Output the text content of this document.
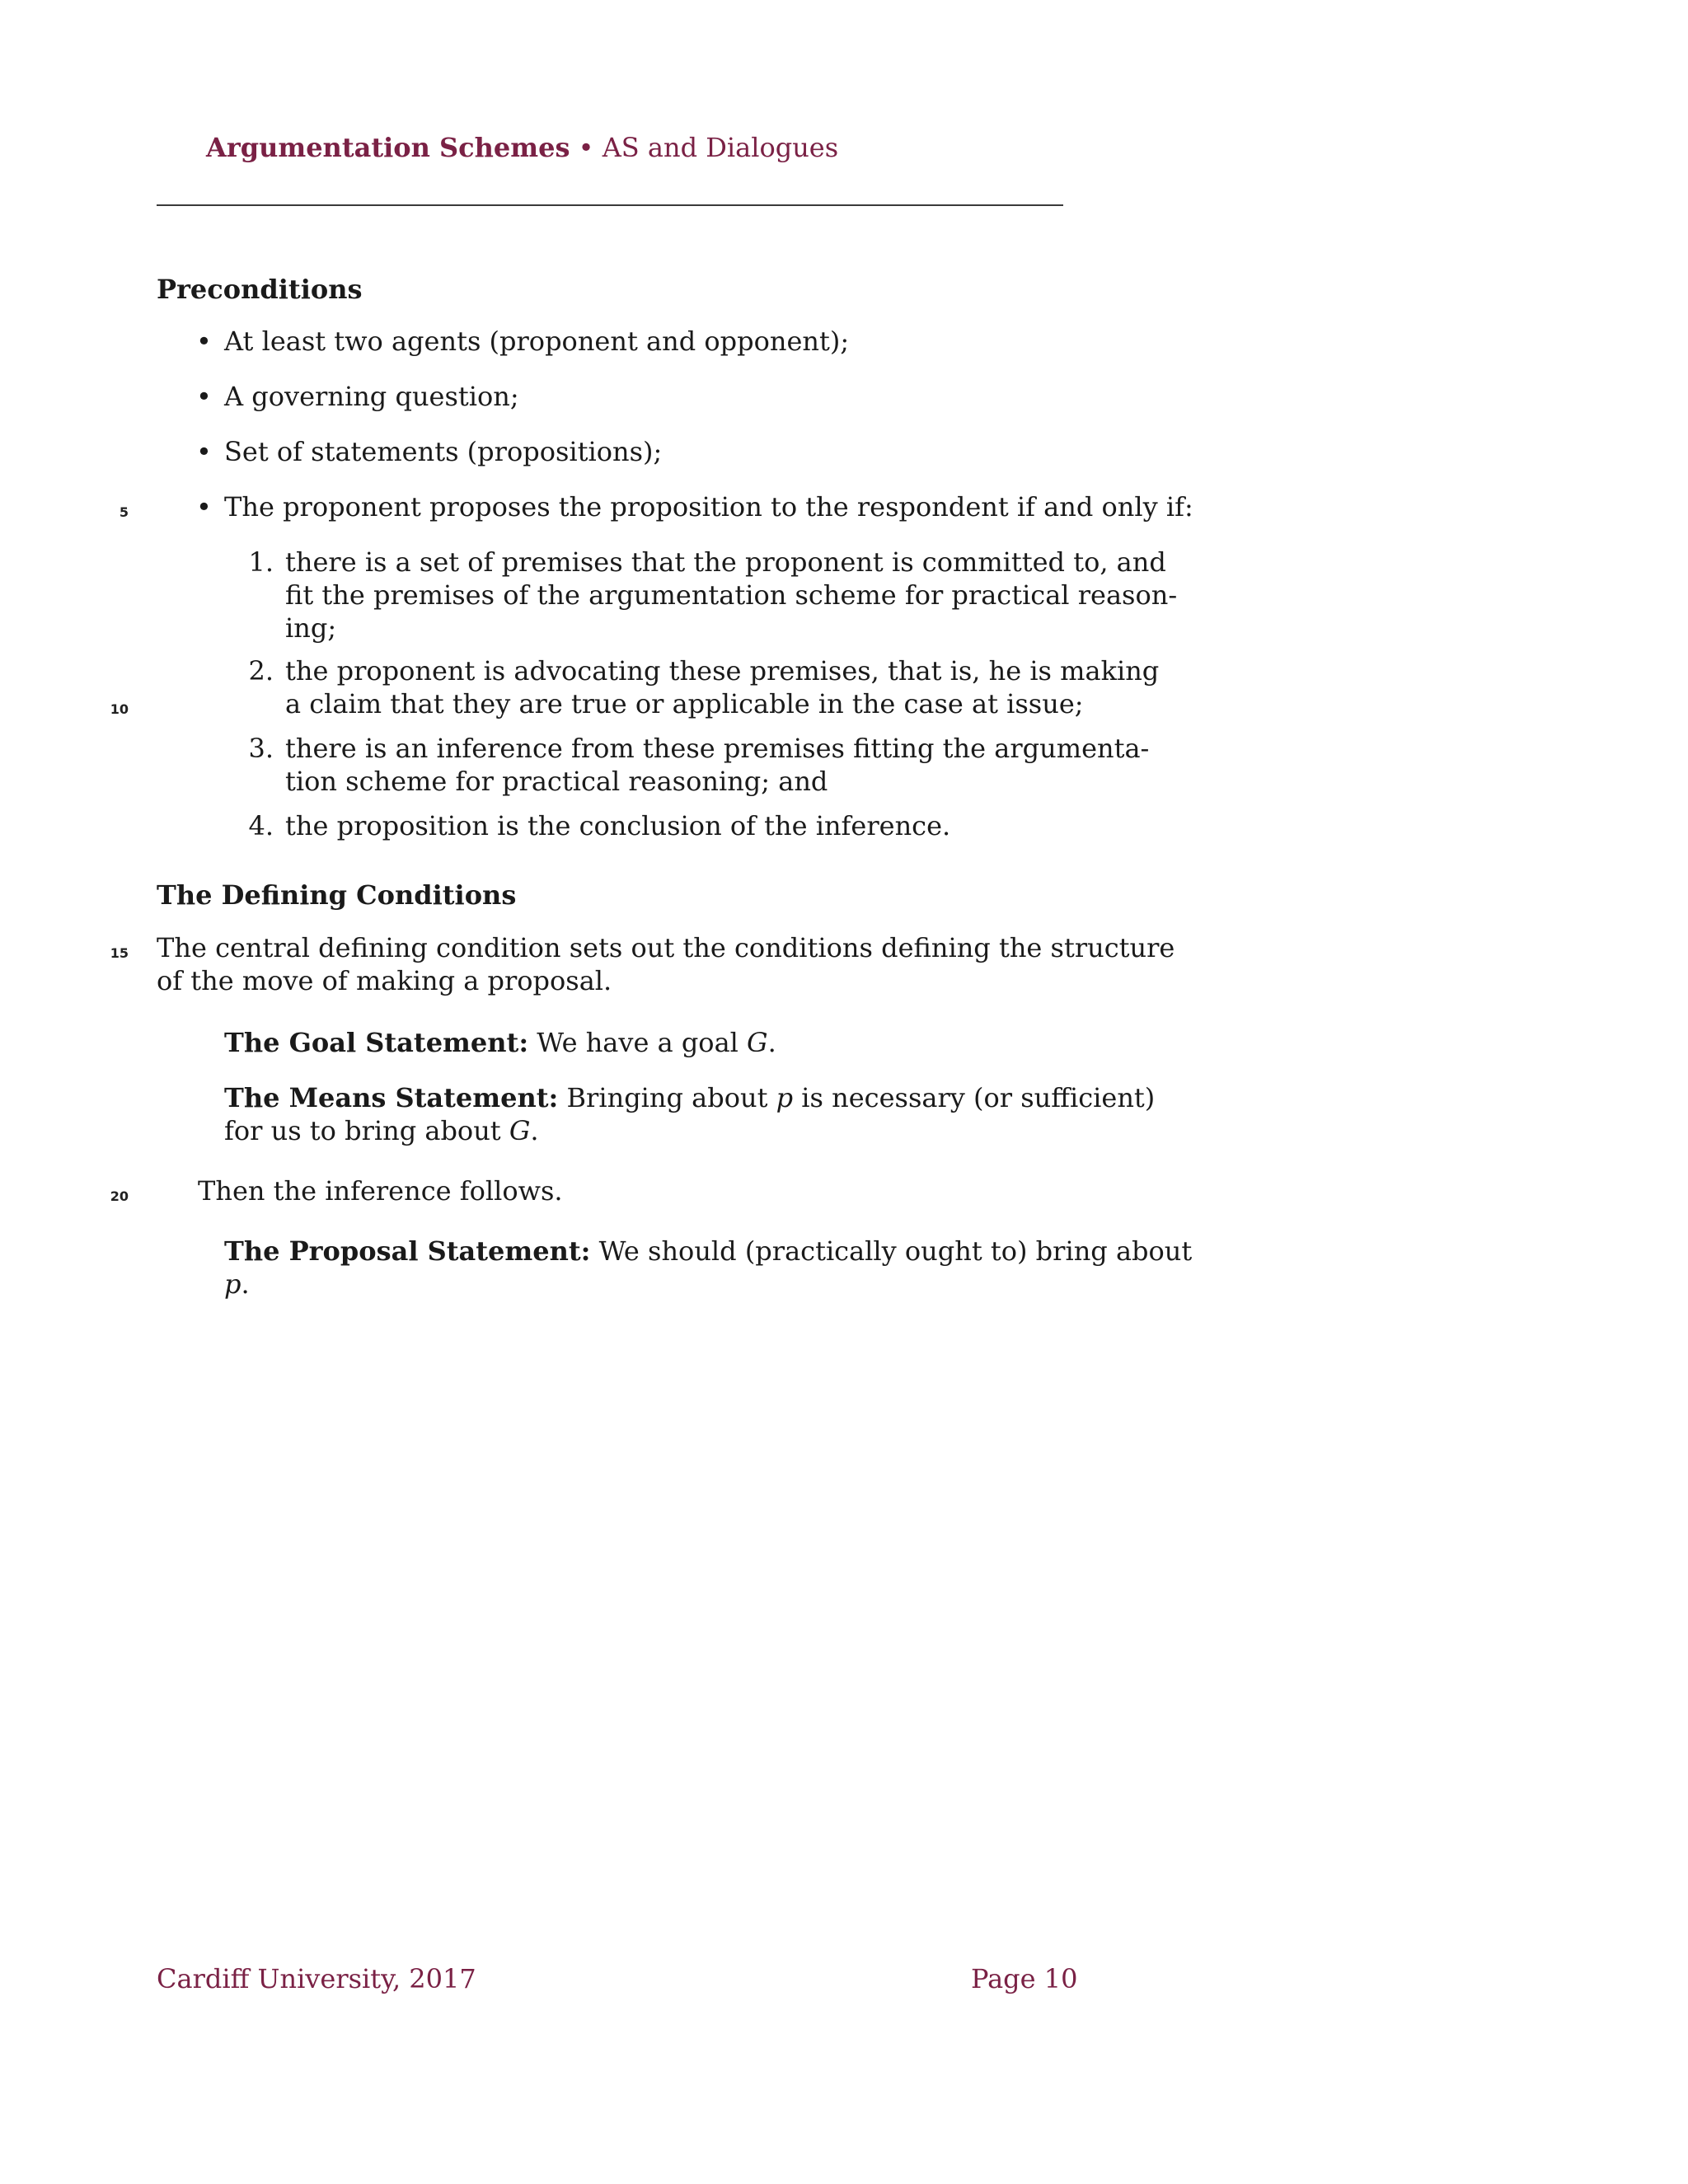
Argumentation Schemes • AS and Dialogues
Preconditions
• At least two agents (proponent and opponent);
• A governing question;
• Set of statements (propositions);
• The proponent proposes the proposition to the respondent if and only if:
1. there is a set of premises that the proponent is committed to, and
fit the premises of the argumentation scheme for practical reason-
ing;
2. the proponent is advocating these premises, that is, he is making
a claim that they are true or applicable in the case at issue;
3. there is an inference from these premises fitting the argumenta-
tion scheme for practical reasoning; and
4. the proposition is the conclusion of the inference.
The Defining Conditions
The central defining condition sets out the conditions defining the structure
of the move of making a proposal.
The Goal Statement: We have a goal G.
The Means Statement: Bringing about p is necessary (or sufficient)
for us to bring about G.
Then the inference follows.
The Proposal Statement: We should (practically ought to) bring about
p.
5
10
15
20
Cardiff University, 2017	Page 10
